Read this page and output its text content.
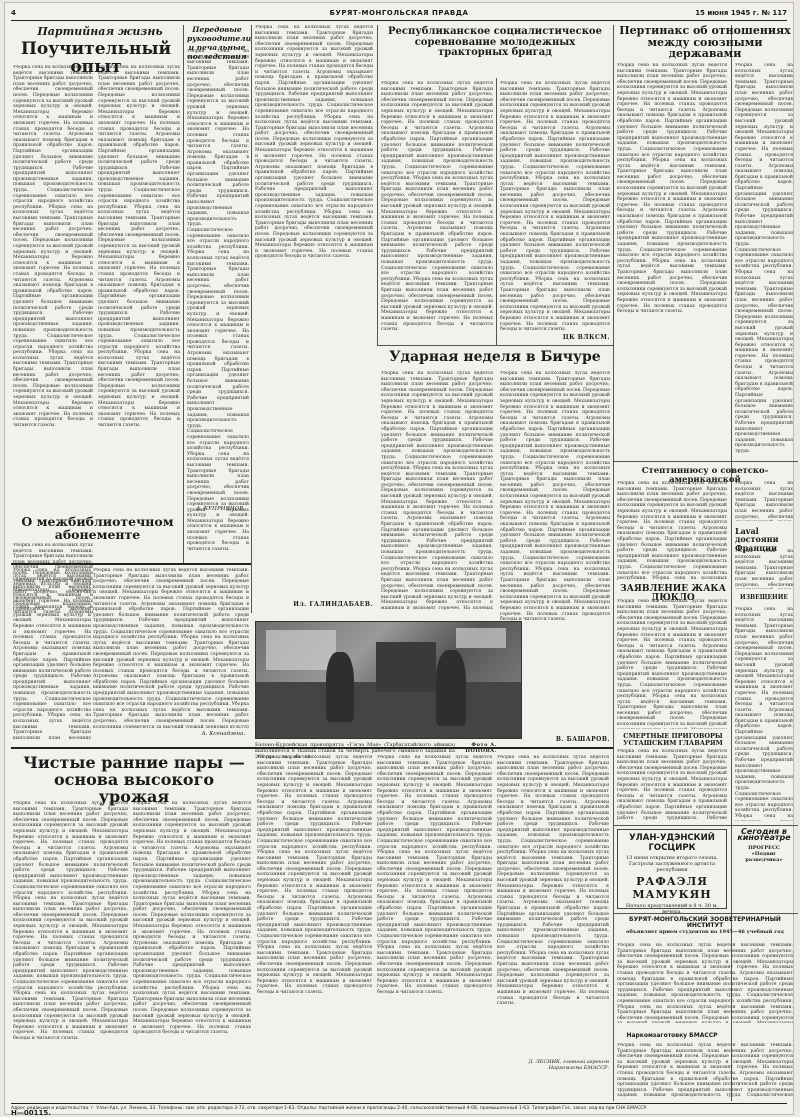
4	БУРЯТ-МОНГОЛЬСКАЯ ПРАВДА	15 июня 1945 г. № 117
Партийная жизнь
Поучительный опыт
Уборка сена на колхозных лугах ведётся высокими темпами. Тракторные бригады выполнили план весенних работ досрочно, обеспечив своевременный посев. Передовые колхозники соревнуются за высокий урожай зерновых культур и овощей. Механизаторы бережно относятся к машинам и экономят горючее. На полевых станах проводятся беседы и читаются газеты. Агрономы оказывают помощь бригадам в правильной обработке паров. Партийные организации уделяют большое внимание политической работе среди трудящихся. Рабочие предприятий выполняют производственные задания, повышая производительность труда. Социалистическое соревнование охватило все отрасли народного хозяйства республики. Уборка сена на колхозных лугах ведётся высокими темпами. Тракторные бригады выполнили план весенних работ досрочно, обеспечив своевременный посев. Передовые колхозники соревнуются за высокий урожай зерновых культур и овощей. Механизаторы бережно относятся к машинам и экономят горючее. На полевых станах проводятся беседы и читаются газеты. Агрономы оказывают помощь бригадам в правильной обработке паров. Партийные организации уделяют большое внимание политической работе среди трудящихся. Рабочие предприятий выполняют производственные задания, повышая производительность труда. Социалистическое соревнование охватило все отрасли народного хозяйства республики. Уборка сена на колхозных лугах ведётся высокими темпами. Тракторные бригады выполнили план весенних работ досрочно, обеспечив своевременный посев. Передовые колхозники соревнуются за высокий урожай зерновых культур и овощей. Механизаторы бережно относятся к машинам и экономят горючее. На полевых станах проводятся беседы и читаются газеты.
Уборка сена на колхозных лугах ведётся высокими темпами. Тракторные бригады выполнили план весенних работ досрочно, обеспечив своевременный посев. Передовые колхозники соревнуются за высокий урожай зерновых культур и овощей. Механизаторы бережно относятся к машинам и экономят горючее. На полевых станах проводятся беседы и читаются газеты. Агрономы оказывают помощь бригадам в правильной обработке паров. Партийные организации уделяют большое внимание политической работе среди трудящихся. Рабочие предприятий выполняют производственные задания, повышая производительность труда. Социалистическое соревнование охватило все отрасли народного хозяйства республики. Уборка сена на колхозных лугах ведётся высокими темпами. Тракторные бригады выполнили план весенних работ досрочно, обеспечив своевременный посев. Передовые колхозники соревнуются за высокий урожай зерновых культур и овощей. Механизаторы бережно относятся к машинам и экономят горючее. На полевых станах проводятся беседы и читаются газеты. Агрономы оказывают помощь бригадам в правильной обработке паров. Партийные организации уделяют большое внимание политической работе среди трудящихся. Рабочие предприятий выполняют производственные задания, повышая производительность труда. Социалистическое соревнование охватило все отрасли народного хозяйства республики. Уборка сена на колхозных лугах ведётся высокими темпами. Тракторные бригады выполнили план весенних работ досрочно, обеспечив своевременный посев. Передовые колхозники соревнуются за высокий урожай зерновых культур и овощей. Механизаторы бережно относятся к машинам и экономят горючее. На полевых станах проводятся беседы и читаются газеты.
А. КУПРИЯНОВ.
О межбиблиотечном абонементе
Уборка сена на колхозных лугах ведётся высокими темпами. Тракторные бригады выполнили план весенних работ досрочно, обеспечив своевременный посев. Передовые колхозники соревнуются за высокий урожай зерновых культур и овощей. Механизаторы бережно относятся к машинам и экономят горючее. На полевых станах проводятся беседы и читаются газеты. Агрономы оказывают помощь бригадам в правильной обработке паров. Партийные организации уделяют большое внимание политической работе среди трудящихся. Рабочие предприятий выполняют производственные задания, повышая производительность труда. Социалистическое соревнование охватило все отрасли народного хозяйства республики. Уборка сена на колхозных лугах ведётся высокими темпами. Тракторные бригады выполнили план весенних работ досрочно, обеспечив своевременный посев. Передовые колхозники соревнуются за высокий урожай зерновых культур и овощей. Механизаторы бережно относятся к машинам и экономят горючее. На полевых станах проводятся беседы и читаются газеты. Агрономы оказывают помощь бригадам в правильной обработке паров. Партийные организации уделяют большое внимание политической работе среди трудящихся. Рабочие предприятий выполняют производственные задания, повышая производительность труда. Социалистическое соревнование охватило все отрасли народного хозяйства республики. Уборка сена на колхозных лугах ведётся высокими темпами. Тракторные бригады выполнили план весенних работ досрочно, обеспечив своевременный посев. Передовые колхозники соревнуются за высокий урожай зерновых культур и овощей. Механизаторы бережно относятся к машинам и экономят горючее. На полевых станах проводятся беседы и читаются газеты.
Передовые руководители и печальные последствия
Уборка сена на колхозных лугах ведётся высокими темпами. Тракторные бригады выполнили план весенних работ досрочно, обеспечив своевременный посев. Передовые колхозники соревнуются за высокий урожай зерновых культур и овощей. Механизаторы бережно относятся к машинам и экономят горючее. На полевых станах проводятся беседы и читаются газеты. Агрономы оказывают помощь бригадам в правильной обработке паров. Партийные организации уделяют большое внимание политической работе среди трудящихся. Рабочие предприятий выполняют производственные задания, повышая производительность труда. Социалистическое соревнование охватило все отрасли народного хозяйства республики. Уборка сена на колхозных лугах ведётся высокими темпами. Тракторные бригады выполнили план весенних работ досрочно, обеспечив своевременный посев. Передовые колхозники соревнуются за высокий урожай зерновых культур и овощей. Механизаторы бережно относятся к машинам и экономят горючее. На полевых станах проводятся беседы и читаются газеты. Агрономы оказывают помощь бригадам в правильной обработке паров. Партийные организации уделяют большое внимание политической работе среди трудящихся. Рабочие предприятий выполняют производственные задания, повышая производительность труда. Социалистическое соревнование охватило все отрасли народного хозяйства республики. Уборка сена на колхозных лугах ведётся высокими темпами. Тракторные бригады выполнили план весенних работ досрочно, обеспечив своевременный посев. Передовые колхозники соревнуются за высокий урожай зерновых культур и овощей. Механизаторы бережно относятся к машинам и экономят горючее. На полевых станах проводятся беседы и читаются газеты.
Уборка сена на колхозных лугах ведётся высокими темпами. Тракторные бригады выполнили план весенних работ досрочно, обеспечив своевременный посев. Передовые колхозники соревнуются за высокий урожай зерновых культур и овощей. Механизаторы бережно относятся к машинам и экономят горючее. На полевых станах проводятся беседы и читаются газеты. Агрономы оказывают помощь бригадам в правильной обработке паров. Партийные организации уделяют большое внимание политической работе среди трудящихся. Рабочие предприятий выполняют производственные задания, повышая производительность труда. Социалистическое соревнование охватило все отрасли народного хозяйства республики. Уборка сена на колхозных лугах ведётся высокими темпами. Тракторные бригады выполнили план весенних работ досрочно, обеспечив своевременный посев. Передовые колхозники соревнуются за высокий урожай зерновых культур и овощей. Механизаторы бережно относятся к машинам и экономят горючее. На полевых станах проводятся беседы и читаются газеты. Агрономы оказывают помощь бригадам в правильной обработке паров. Партийные организации уделяют большое внимание политической работе среди трудящихся. Рабочие предприятий выполняют производственные задания, повышая производительность труда. Социалистическое соревнование охватило все отрасли народного хозяйства республики. Уборка сена на колхозных лугах ведётся высокими темпами. Тракторные бригады выполнили план весенних работ досрочно, обеспечив своевременный посев. Передовые колхозники соревнуются за высокий урожай зерновых культур и овощей. Механизаторы бережно относятся к машинам и экономят горючее. На полевых станах проводятся беседы и читаются газеты.
Ил. ГАЛИНДАБАЕВ.
Уборка сена на колхозных лугах ведётся высокими темпами. Тракторные бригады выполнили план весенних работ досрочно, обеспечив своевременный посев. Передовые колхозники соревнуются за высокий урожай зерновых культур и овощей. Механизаторы бережно относятся к машинам и экономят горючее. На полевых станах проводятся беседы и читаются газеты. Агрономы оказывают помощь бригадам в правильной обработке паров. Партийные организации уделяют большое внимание политической работе среди трудящихся. Рабочие предприятий выполняют производственные задания, повышая производительность труда. Социалистическое соревнование охватило все отрасли народного хозяйства республики. Уборка сена на колхозных лугах ведётся высокими темпами. Тракторные бригады выполнили план весенних работ досрочно, обеспечив своевременный посев. Передовые колхозники соревнуются за высокий урожай зерновых культур и овощей. Механизаторы бережно относятся к машинам и экономят горючее. На полевых станах проводятся беседы и читаются газеты. Агрономы оказывают помощь бригадам в правильной обработке паров. Партийные организации уделяют большое внимание политической работе среди трудящихся. Рабочие предприятий выполняют производственные задания, повышая производительность труда. Социалистическое соревнование охватило все отрасли народного хозяйства республики. Уборка сена на колхозных лугах ведётся высокими темпами. Тракторные бригады выполнили план весенних работ досрочно, обеспечив своевременный посев. Передовые колхозники соревнуются за высокий урожай зерновых культур и овощей. Механизаторы бережно относятся к машинам и экономят горючее. На полевых станах проводятся беседы и читаются газеты.
А. Ксенадзена.
Уборка сена на колхозных лугах ведётся высокими темпами. Тракторные бригады выполнили план весенних работ досрочно, обеспечив своевременный посев. Передовые колхозники соревнуются за высокий урожай зерновых культур и овощей. Механизаторы бережно относятся к машинам и экономят горючее. На полевых станах проводятся беседы и читаются газеты. Агрономы оказывают помощь бригадам в правильной обработке паров. Партийные организации уделяют большое внимание политической работе среди трудящихся. Рабочие предприятий выполняют производственные задания, повышая производительность труда. Социалистическое соревнование охватило все отрасли народного хозяйства республики. Уборка сена на колхозных лугах ведётся высокими темпами. Тракторные бригады выполнили план весенних работ досрочно, обеспечив своевременный посев. Передовые колхозники соревнуются за высокий урожай зерновых культур и овощей. Механизаторы бережно относятся к машинам и экономят горючее. На полевых станах проводятся беседы и читаются газеты. Агрономы оказывают помощь бригадам в правильной обработке паров. Партийные организации уделяют большое внимание политической работе среди трудящихся. Рабочие предприятий выполняют производственные задания, повышая производительность труда. Социалистическое соревнование охватило все отрасли народного хозяйства республики. Уборка сена на колхозных лугах ведётся высокими темпами. Тракторные бригады выполнили план весенних работ досрочно, обеспечив своевременный посев. Передовые колхозники соревнуются за высокий урожай зерновых культур и овощей. Механизаторы бережно относятся к машинам и экономят горючее. На полевых станах проводятся беседы и читаются газеты.
Республиканское социалистическое соревнование молодежных тракторных бригад
Уборка сена на колхозных лугах ведётся высокими темпами. Тракторные бригады выполнили план весенних работ досрочно, обеспечив своевременный посев. Передовые колхозники соревнуются за высокий урожай зерновых культур и овощей. Механизаторы бережно относятся к машинам и экономят горючее. На полевых станах проводятся беседы и читаются газеты. Агрономы оказывают помощь бригадам в правильной обработке паров. Партийные организации уделяют большое внимание политической работе среди трудящихся. Рабочие предприятий выполняют производственные задания, повышая производительность труда. Социалистическое соревнование охватило все отрасли народного хозяйства республики. Уборка сена на колхозных лугах ведётся высокими темпами. Тракторные бригады выполнили план весенних работ досрочно, обеспечив своевременный посев. Передовые колхозники соревнуются за высокий урожай зерновых культур и овощей. Механизаторы бережно относятся к машинам и экономят горючее. На полевых станах проводятся беседы и читаются газеты. Агрономы оказывают помощь бригадам в правильной обработке паров. Партийные организации уделяют большое внимание политической работе среди трудящихся. Рабочие предприятий выполняют производственные задания, повышая производительность труда. Социалистическое соревнование охватило все отрасли народного хозяйства республики. Уборка сена на колхозных лугах ведётся высокими темпами. Тракторные бригады выполнили план весенних работ досрочно, обеспечив своевременный посев. Передовые колхозники соревнуются за высокий урожай зерновых культур и овощей. Механизаторы бережно относятся к машинам и экономят горючее. На полевых станах проводятся беседы и читаются газеты.
Уборка сена на колхозных лугах ведётся высокими темпами. Тракторные бригады выполнили план весенних работ досрочно, обеспечив своевременный посев. Передовые колхозники соревнуются за высокий урожай зерновых культур и овощей. Механизаторы бережно относятся к машинам и экономят горючее. На полевых станах проводятся беседы и читаются газеты. Агрономы оказывают помощь бригадам в правильной обработке паров. Партийные организации уделяют большое внимание политической работе среди трудящихся. Рабочие предприятий выполняют производственные задания, повышая производительность труда. Социалистическое соревнование охватило все отрасли народного хозяйства республики. Уборка сена на колхозных лугах ведётся высокими темпами. Тракторные бригады выполнили план весенних работ досрочно, обеспечив своевременный посев. Передовые колхозники соревнуются за высокий урожай зерновых культур и овощей. Механизаторы бережно относятся к машинам и экономят горючее. На полевых станах проводятся беседы и читаются газеты. Агрономы оказывают помощь бригадам в правильной обработке паров. Партийные организации уделяют большое внимание политической работе среди трудящихся. Рабочие предприятий выполняют производственные задания, повышая производительность труда. Социалистическое соревнование охватило все отрасли народного хозяйства республики. Уборка сена на колхозных лугах ведётся высокими темпами. Тракторные бригады выполнили план весенних работ досрочно, обеспечив своевременный посев. Передовые колхозники соревнуются за высокий урожай зерновых культур и овощей. Механизаторы бережно относятся к машинам и экономят горючее. На полевых станах проводятся беседы и читаются газеты.
ЦК ВЛКСМ.
Ударная неделя в Бичуре
Уборка сена на колхозных лугах ведётся высокими темпами. Тракторные бригады выполнили план весенних работ досрочно, обеспечив своевременный посев. Передовые колхозники соревнуются за высокий урожай зерновых культур и овощей. Механизаторы бережно относятся к машинам и экономят горючее. На полевых станах проводятся беседы и читаются газеты. Агрономы оказывают помощь бригадам в правильной обработке паров. Партийные организации уделяют большое внимание политической работе среди трудящихся. Рабочие предприятий выполняют производственные задания, повышая производительность труда. Социалистическое соревнование охватило все отрасли народного хозяйства республики. Уборка сена на колхозных лугах ведётся высокими темпами. Тракторные бригады выполнили план весенних работ досрочно, обеспечив своевременный посев. Передовые колхозники соревнуются за высокий урожай зерновых культур и овощей. Механизаторы бережно относятся к машинам и экономят горючее. На полевых станах проводятся беседы и читаются газеты. Агрономы оказывают помощь бригадам в правильной обработке паров. Партийные организации уделяют большое внимание политической работе среди трудящихся. Рабочие предприятий выполняют производственные задания, повышая производительность труда. Социалистическое соревнование охватило все отрасли народного хозяйства республики. Уборка сена на колхозных лугах ведётся высокими темпами. Тракторные бригады выполнили план весенних работ досрочно, обеспечив своевременный посев. Передовые колхозники соревнуются за высокий урожай зерновых культур и овощей. Механизаторы бережно относятся к машинам и экономят горючее. На полевых станах проводятся беседы и читаются газеты.
Уборка сена на колхозных лугах ведётся высокими темпами. Тракторные бригады выполнили план весенних работ досрочно, обеспечив своевременный посев. Передовые колхозники соревнуются за высокий урожай зерновых культур и овощей. Механизаторы бережно относятся к машинам и экономят горючее. На полевых станах проводятся беседы и читаются газеты. Агрономы оказывают помощь бригадам в правильной обработке паров. Партийные организации уделяют большое внимание политической работе среди трудящихся. Рабочие предприятий выполняют производственные задания, повышая производительность труда. Социалистическое соревнование охватило все отрасли народного хозяйства республики. Уборка сена на колхозных лугах ведётся высокими темпами. Тракторные бригады выполнили план весенних работ досрочно, обеспечив своевременный посев. Передовые колхозники соревнуются за высокий урожай зерновых культур и овощей. Механизаторы бережно относятся к машинам и экономят горючее. На полевых станах проводятся беседы и читаются газеты. Агрономы оказывают помощь бригадам в правильной обработке паров. Партийные организации уделяют большое внимание политической работе среди трудящихся. Рабочие предприятий выполняют производственные задания, повышая производительность труда. Социалистическое соревнование охватило все отрасли народного хозяйства республики. Уборка сена на колхозных лугах ведётся высокими темпами. Тракторные бригады выполнили план весенних работ досрочно, обеспечив своевременный посев. Передовые колхозники соревнуются за высокий урожай зерновых культур и овощей. Механизаторы бережно относятся к машинам и экономят горючее. На полевых станах проводятся беседы и читаются газеты.
В. БАШАРОВ.
Бэлоно-Курлейская прокопрягта «Гэгээ Мая» (Тарбагатайского аймака) выполняется 8 тканых ставок за четверть рабочего сменного задания на 260 проц. за работой.
Фото А. ПОПОВА.
Чистые ранние пары — основа высокого урожая
Уборка сена на колхозных лугах ведётся высокими темпами. Тракторные бригады выполнили план весенних работ досрочно, обеспечив своевременный посев. Передовые колхозники соревнуются за высокий урожай зерновых культур и овощей. Механизаторы бережно относятся к машинам и экономят горючее. На полевых станах проводятся беседы и читаются газеты. Агрономы оказывают помощь бригадам в правильной обработке паров. Партийные организации уделяют большое внимание политической работе среди трудящихся. Рабочие предприятий выполняют производственные задания, повышая производительность труда. Социалистическое соревнование охватило все отрасли народного хозяйства республики. Уборка сена на колхозных лугах ведётся высокими темпами. Тракторные бригады выполнили план весенних работ досрочно, обеспечив своевременный посев. Передовые колхозники соревнуются за высокий урожай зерновых культур и овощей. Механизаторы бережно относятся к машинам и экономят горючее. На полевых станах проводятся беседы и читаются газеты. Агрономы оказывают помощь бригадам в правильной обработке паров. Партийные организации уделяют большое внимание политической работе среди трудящихся. Рабочие предприятий выполняют производственные задания, повышая производительность труда. Социалистическое соревнование охватило все отрасли народного хозяйства республики. Уборка сена на колхозных лугах ведётся высокими темпами. Тракторные бригады выполнили план весенних работ досрочно, обеспечив своевременный посев. Передовые колхозники соревнуются за высокий урожай зерновых культур и овощей. Механизаторы бережно относятся к машинам и экономят горючее. На полевых станах проводятся беседы и читаются газеты.
Уборка сена на колхозных лугах ведётся высокими темпами. Тракторные бригады выполнили план весенних работ досрочно, обеспечив своевременный посев. Передовые колхозники соревнуются за высокий урожай зерновых культур и овощей. Механизаторы бережно относятся к машинам и экономят горючее. На полевых станах проводятся беседы и читаются газеты. Агрономы оказывают помощь бригадам в правильной обработке паров. Партийные организации уделяют большое внимание политической работе среди трудящихся. Рабочие предприятий выполняют производственные задания, повышая производительность труда. Социалистическое соревнование охватило все отрасли народного хозяйства республики. Уборка сена на колхозных лугах ведётся высокими темпами. Тракторные бригады выполнили план весенних работ досрочно, обеспечив своевременный посев. Передовые колхозники соревнуются за высокий урожай зерновых культур и овощей. Механизаторы бережно относятся к машинам и экономят горючее. На полевых станах проводятся беседы и читаются газеты. Агрономы оказывают помощь бригадам в правильной обработке паров. Партийные организации уделяют большое внимание политической работе среди трудящихся. Рабочие предприятий выполняют производственные задания, повышая производительность труда. Социалистическое соревнование охватило все отрасли народного хозяйства республики. Уборка сена на колхозных лугах ведётся высокими темпами. Тракторные бригады выполнили план весенних работ досрочно, обеспечив своевременный посев. Передовые колхозники соревнуются за высокий урожай зерновых культур и овощей. Механизаторы бережно относятся к машинам и экономят горючее. На полевых станах проводятся беседы и читаются газеты.
Уборка сена на колхозных лугах ведётся высокими темпами. Тракторные бригады выполнили план весенних работ досрочно, обеспечив своевременный посев. Передовые колхозники соревнуются за высокий урожай зерновых культур и овощей. Механизаторы бережно относятся к машинам и экономят горючее. На полевых станах проводятся беседы и читаются газеты. Агрономы оказывают помощь бригадам в правильной обработке паров. Партийные организации уделяют большое внимание политической работе среди трудящихся. Рабочие предприятий выполняют производственные задания, повышая производительность труда. Социалистическое соревнование охватило все отрасли народного хозяйства республики. Уборка сена на колхозных лугах ведётся высокими темпами. Тракторные бригады выполнили план весенних работ досрочно, обеспечив своевременный посев. Передовые колхозники соревнуются за высокий урожай зерновых культур и овощей. Механизаторы бережно относятся к машинам и экономят горючее. На полевых станах проводятся беседы и читаются газеты. Агрономы оказывают помощь бригадам в правильной обработке паров. Партийные организации уделяют большое внимание политической работе среди трудящихся. Рабочие предприятий выполняют производственные задания, повышая производительность труда. Социалистическое соревнование охватило все отрасли народного хозяйства республики. Уборка сена на колхозных лугах ведётся высокими темпами. Тракторные бригады выполнили план весенних работ досрочно, обеспечив своевременный посев. Передовые колхозники соревнуются за высокий урожай зерновых культур и овощей. Механизаторы бережно относятся к машинам и экономят горючее. На полевых станах проводятся беседы и читаются газеты.
Уборка сена на колхозных лугах ведётся высокими темпами. Тракторные бригады выполнили план весенних работ досрочно, обеспечив своевременный посев. Передовые колхозники соревнуются за высокий урожай зерновых культур и овощей. Механизаторы бережно относятся к машинам и экономят горючее. На полевых станах проводятся беседы и читаются газеты. Агрономы оказывают помощь бригадам в правильной обработке паров. Партийные организации уделяют большое внимание политической работе среди трудящихся. Рабочие предприятий выполняют производственные задания, повышая производительность труда. Социалистическое соревнование охватило все отрасли народного хозяйства республики. Уборка сена на колхозных лугах ведётся высокими темпами. Тракторные бригады выполнили план весенних работ досрочно, обеспечив своевременный посев. Передовые колхозники соревнуются за высокий урожай зерновых культур и овощей. Механизаторы бережно относятся к машинам и экономят горючее. На полевых станах проводятся беседы и читаются газеты. Агрономы оказывают помощь бригадам в правильной обработке паров. Партийные организации уделяют большое внимание политической работе среди трудящихся. Рабочие предприятий выполняют производственные задания, повышая производительность труда. Социалистическое соревнование охватило все отрасли народного хозяйства республики. Уборка сена на колхозных лугах ведётся высокими темпами. Тракторные бригады выполнили план весенних работ досрочно, обеспечив своевременный посев. Передовые колхозники соревнуются за высокий урожай зерновых культур и овощей. Механизаторы бережно относятся к машинам и экономят горючее. На полевых станах проводятся беседы и читаются газеты.
Уборка сена на колхозных лугах ведётся высокими темпами. Тракторные бригады выполнили план весенних работ досрочно, обеспечив своевременный посев. Передовые колхозники соревнуются за высокий урожай зерновых культур и овощей. Механизаторы бережно относятся к машинам и экономят горючее. На полевых станах проводятся беседы и читаются газеты. Агрономы оказывают помощь бригадам в правильной обработке паров. Партийные организации уделяют большое внимание политической работе среди трудящихся. Рабочие предприятий выполняют производственные задания, повышая производительность труда. Социалистическое соревнование охватило все отрасли народного хозяйства республики. Уборка сена на колхозных лугах ведётся высокими темпами. Тракторные бригады выполнили план весенних работ досрочно, обеспечив своевременный посев. Передовые колхозники соревнуются за высокий урожай зерновых культур и овощей. Механизаторы бережно относятся к машинам и экономят горючее. На полевых станах проводятся беседы и читаются газеты. Агрономы оказывают помощь бригадам в правильной обработке паров. Партийные организации уделяют большое внимание политической работе среди трудящихся. Рабочие предприятий выполняют производственные задания, повышая производительность труда. Социалистическое соревнование охватило все отрасли народного хозяйства республики. Уборка сена на колхозных лугах ведётся высокими темпами. Тракторные бригады выполнили план весенних работ досрочно, обеспечив своевременный посев. Передовые колхозники соревнуются за высокий урожай зерновых культур и овощей. Механизаторы бережно относятся к машинам и экономят горючее. На полевых станах проводятся беседы и читаются газеты.
Д. ЛЕСНИК, главный агроном Наркомзема БМАССР.
Пертинакс об отношениях между союзными державами
Уборка сена на колхозных лугах ведётся высокими темпами. Тракторные бригады выполнили план весенних работ досрочно, обеспечив своевременный посев. Передовые колхозники соревнуются за высокий урожай зерновых культур и овощей. Механизаторы бережно относятся к машинам и экономят горючее. На полевых станах проводятся беседы и читаются газеты. Агрономы оказывают помощь бригадам в правильной обработке паров. Партийные организации уделяют большое внимание политической работе среди трудящихся. Рабочие предприятий выполняют производственные задания, повышая производительность труда. Социалистическое соревнование охватило все отрасли народного хозяйства республики. Уборка сена на колхозных лугах ведётся высокими темпами. Тракторные бригады выполнили план весенних работ досрочно, обеспечив своевременный посев. Передовые колхозники соревнуются за высокий урожай зерновых культур и овощей. Механизаторы бережно относятся к машинам и экономят горючее. На полевых станах проводятся беседы и читаются газеты. Агрономы оказывают помощь бригадам в правильной обработке паров. Партийные организации уделяют большое внимание политической работе среди трудящихся. Рабочие предприятий выполняют производственные задания, повышая производительность труда. Социалистическое соревнование охватило все отрасли народного хозяйства республики. Уборка сена на колхозных лугах ведётся высокими темпами. Тракторные бригады выполнили план весенних работ досрочно, обеспечив своевременный посев. Передовые колхозники соревнуются за высокий урожай зерновых культур и овощей. Механизаторы бережно относятся к машинам и экономят горючее. На полевых станах проводятся беседы и читаются газеты.
Уборка сена на колхозных лугах ведётся высокими темпами. Тракторные бригады выполнили план весенних работ досрочно, обеспечив своевременный посев. Передовые колхозники соревнуются за высокий урожай зерновых культур и овощей. Механизаторы бережно относятся к машинам и экономят горючее. На полевых станах проводятся беседы и читаются газеты. Агрономы оказывают помощь бригадам в правильной обработке паров. Партийные организации уделяют большое внимание политической работе среди трудящихся. Рабочие предприятий выполняют производственные задания, повышая производительность труда. Социалистическое соревнование охватило все отрасли народного хозяйства республики. Уборка сена на колхозных лугах ведётся высокими темпами. Тракторные бригады выполнили план весенних работ досрочно, обеспечив своевременный посев. Передовые колхозники соревнуются за высокий урожай зерновых культур и овощей. Механизаторы бережно относятся к машинам и экономят горючее. На полевых станах проводятся беседы и читаются газеты. Агрономы оказывают помощь бригадам в правильной обработке паров. Партийные организации уделяют большое внимание политической работе среди трудящихся. Рабочие предприятий выполняют производственные задания, повышая производительность труда. Социалистическое соревнование охватило все отрасли народного хозяйства республики. Уборка сена на колхозных лугах ведётся высокими темпами. Тракторные бригады выполнили план весенних работ досрочно, обеспечив своевременный посев. Передовые колхозники соревнуются за высокий урожай зерновых культур и овощей. Механизаторы бережно относятся к машинам и экономят горючее. На полевых станах проводятся беседы и читаются газеты.
Стептиннюсу о советско-американской
Уборка сена на колхозных лугах ведётся высокими темпами. Тракторные бригады выполнили план весенних работ досрочно, обеспечив своевременный посев. Передовые колхозники соревнуются за высокий урожай зерновых культур и овощей. Механизаторы бережно относятся к машинам и экономят горючее. На полевых станах проводятся беседы и читаются газеты. Агрономы оказывают помощь бригадам в правильной обработке паров. Партийные организации уделяют большое внимание политической работе среди трудящихся. Рабочие предприятий выполняют производственные задания, повышая производительность труда. Социалистическое соревнование охватило все отрасли народного хозяйства республики. Уборка сена на колхозных лугах ведётся высокими темпами. Тракторные бригады выполнили план весенних работ досрочно, обеспечив своевременный посев. Передовые колхозники соревнуются за высокий урожай зерновых культур и овощей. Механизаторы бережно относятся к машинам и экономят горючее. На полевых станах проводятся беседы и читаются газеты. Агрономы оказывают помощь бригадам в правильной обработке паров. Партийные организации уделяют большое внимание политической работе среди трудящихся. Рабочие предприятий выполняют производственные задания, повышая производительность труда. Социалистическое соревнование охватило все отрасли народного хозяйства республики. Уборка сена на колхозных лугах ведётся высокими темпами. Тракторные бригады выполнили план весенних работ досрочно, обеспечив своевременный посев. Передовые колхозники соревнуются за высокий урожай зерновых культур и овощей. Механизаторы бережно относятся к машинам и экономят горючее. На полевых станах проводятся беседы и читаются газеты.
Уборка сена на колхозных лугах ведётся высокими темпами. Тракторные бригады выполнили план весенних работ досрочно, обеспечив своевременный посев. Передовые колхозники соревнуются за высокий урожай зерновых культур и овощей. Механизаторы бережно относятся к машинам и экономят горючее. На полевых станах проводятся беседы и читаются газеты. Агрономы оказывают помощь бригадам в правильной обработке паров. Партийные организации уделяют большое внимание политической работе среди трудящихся. Рабочие предприятий выполняют производственные задания, повышая производительность труда. Социалистическое соревнование охватило все отрасли народного хозяйства республики. Уборка сена на колхозных лугах ведётся высокими темпами. Тракторные бригады выполнили план весенних работ досрочно, обеспечив своевременный посев. Передовые колхозники соревнуются за высокий урожай зерновых культур и овощей. Механизаторы бережно относятся к машинам и экономят горючее. На полевых станах проводятся беседы и читаются газеты. Агрономы оказывают помощь бригадам в правильной обработке паров. Партийные организации уделяют большое внимание политической работе среди трудящихся. Рабочие предприятий выполняют производственные задания, повышая производительность труда. Социалистическое соревнование охватило все отрасли народного хозяйства республики. Уборка сена на колхозных лугах ведётся высокими темпами. Тракторные бригады выполнили план весенних работ досрочно, обеспечив своевременный посев. Передовые колхозники соревнуются за высокий урожай зерновых культур и овощей. Механизаторы бережно относятся к машинам и экономят горючее. На полевых станах проводятся беседы и читаются газеты.
ЗАЯВЛЕНИЕ ЖАКА ДЮКЛО
Уборка сена на колхозных лугах ведётся высокими темпами. Тракторные бригады выполнили план весенних работ досрочно, обеспечив своевременный посев. Передовые колхозники соревнуются за высокий урожай зерновых культур и овощей. Механизаторы бережно относятся к машинам и экономят горючее. На полевых станах проводятся беседы и читаются газеты. Агрономы оказывают помощь бригадам в правильной обработке паров. Партийные организации уделяют большое внимание политической работе среди трудящихся. Рабочие предприятий выполняют производственные задания, повышая производительность труда. Социалистическое соревнование охватило все отрасли народного хозяйства республики. Уборка сена на колхозных лугах ведётся высокими темпами. Тракторные бригады выполнили план весенних работ досрочно, обеспечив своевременный посев. Передовые колхозники соревнуются за высокий урожай зерновых культур и овощей. Механизаторы бережно относятся к машинам и экономят горючее. На полевых станах проводятся беседы и читаются газеты. Агрономы оказывают помощь бригадам в правильной обработке паров. Партийные организации уделяют большое внимание политической работе среди трудящихся. Рабочие предприятий выполняют производственные задания, повышая производительность труда. Социалистическое соревнование охватило все отрасли народного хозяйства республики. Уборка сена на колхозных лугах ведётся высокими темпами. Тракторные бригады выполнили план весенних работ досрочно, обеспечив своевременный посев. Передовые колхозники соревнуются за высокий урожай зерновых культур и овощей. Механизаторы бережно относятся к машинам и экономят горючее. На полевых станах проводятся беседы и читаются газеты.
СМЕРТНЫЕ ПРИГОВОРЫ УСТАШСКИМ ГЛАВАРЯМ
Уборка сена на колхозных лугах ведётся высокими темпами. Тракторные бригады выполнили план весенних работ досрочно, обеспечив своевременный посев. Передовые колхозники соревнуются за высокий урожай зерновых культур и овощей. Механизаторы бережно относятся к машинам и экономят горючее. На полевых станах проводятся беседы и читаются газеты. Агрономы оказывают помощь бригадам в правильной обработке паров. Партийные организации уделяют большое внимание политической работе среди трудящихся. Рабочие предприятий выполняют производственные задания, повышая производительность труда. Социалистическое соревнование охватило все отрасли народного хозяйства республики. Уборка сена на колхозных лугах ведётся высокими темпами. Тракторные бригады выполнили план весенних работ досрочно, обеспечив своевременный посев. Передовые колхозники соревнуются за высокий урожай зерновых культур и овощей. Механизаторы бережно относятся к машинам и экономят горючее. На полевых станах проводятся беседы и читаются газеты. Агрономы оказывают помощь бригадам в правильной обработке паров. Партийные организации уделяют большое внимание политической работе среди трудящихся. Рабочие предприятий выполняют производственные задания, повышая производительность труда. Социалистическое соревнование охватило все отрасли народного хозяйства республики. Уборка сена на колхозных лугах ведётся высокими темпами. Тракторные бригады выполнили план весенних работ досрочно, обеспечив своевременный посев. Передовые колхозники соревнуются за высокий урожай зерновых культур и овощей. Механизаторы бережно относятся к машинам и экономят горючее. На полевых станах проводятся беседы и читаются газеты.
Laval достояни Франции
Уборка сена на колхозных лугах ведётся высокими темпами. Тракторные бригады выполнили план весенних работ досрочно, обеспечив своевременный посев. Передовые колхозники соревнуются за высокий урожай зерновых культур и овощей. Механизаторы бережно относятся к машинам и экономят горючее. На полевых станах проводятся беседы и читаются газеты. Агрономы оказывают помощь бригадам в правильной обработке паров. Партийные организации уделяют большое внимание политической работе среди трудящихся. Рабочие предприятий выполняют производственные задания, повышая производительность труда. Социалистическое соревнование охватило все отрасли народного хозяйства республики. Уборка сена на колхозных лугах ведётся высокими темпами. Тракторные бригады выполнили план весенних работ досрочно, обеспечив своевременный посев. Передовые колхозники соревнуются за высокий урожай зерновых культур и овощей. Механизаторы бережно относятся к машинам и экономят горючее. На полевых станах проводятся беседы и читаются газеты. Агрономы оказывают помощь бригадам в правильной обработке паров. Партийные организации уделяют большое внимание политической работе среди трудящихся. Рабочие предприятий выполняют производственные задания, повышая производительность труда. Социалистическое соревнование охватило все отрасли народного хозяйства республики. Уборка сена на колхозных лугах ведётся высокими темпами. Тракторные бригады выполнили план весенних работ досрочно, обеспечив своевременный посев. Передовые колхозники соревнуются за высокий урожай зерновых культур и овощей. Механизаторы бережно относятся к машинам и экономят горючее. На полевых станах проводятся беседы и читаются газеты.
ИЗВЕЩЕНИЕ
Уборка сена на колхозных лугах ведётся высокими темпами. Тракторные бригады выполнили план весенних работ досрочно, обеспечив своевременный посев. Передовые колхозники соревнуются за высокий урожай зерновых культур и овощей. Механизаторы бережно относятся к машинам и экономят горючее. На полевых станах проводятся беседы и читаются газеты. Агрономы оказывают помощь бригадам в правильной обработке паров. Партийные организации уделяют большое внимание политической работе среди трудящихся. Рабочие предприятий выполняют производственные задания, повышая производительность труда. Социалистическое соревнование охватило все отрасли народного хозяйства республики. Уборка сена на колхозных лугах ведётся высокими темпами. Тракторные бригады выполнили план весенних работ досрочно, обеспечив своевременный посев. Передовые колхозники соревнуются за высокий урожай зерновых культур и овощей. Механизаторы бережно относятся к машинам и экономят горючее. На полевых станах проводятся беседы и читаются газеты. Агрономы оказывают помощь бригадам в правильной обработке паров. Партийные организации уделяют большое внимание политической работе среди трудящихся. Рабочие предприятий выполняют производственные задания, повышая производительность труда. Социалистическое соревнование охватило все отрасли народного хозяйства республики. Уборка сена на колхозных лугах ведётся высокими темпами. Тракторные бригады выполнили план весенних работ досрочно, обеспечив своевременный посев. Передовые колхозники соревнуются за высокий урожай зерновых культур и овощей. Механизаторы бережно относятся к машинам и экономят горючее. На полевых станах проводятся беседы и читаются газеты.
УЛАН-УДЭНСКИЙ ГОСЦИРК
13 июня открытие второго сезона. Гастроли заслуженного артиста республики
РАФАЭЛЯ МАМУКЯН
Начало представлений в 8 ч. 30 м. вечера.
Сегодня в кинотеатре
ПРОГРЕСС «Подвиг разведчика»
БУРЯТ-МОНГОЛЬСКИЙ ЗООВЕТЕРИНАРНЫЙ ИНСТИТУТ
объявляет прием студентов на 1945—46 учебный год
Уборка сена на колхозных лугах ведётся высокими темпами. Тракторные бригады выполнили план весенних работ досрочно, обеспечив своевременный посев. Передовые колхозники соревнуются за высокий урожай зерновых культур и овощей. Механизаторы бережно относятся к машинам и экономят горючее. На полевых станах проводятся беседы и читаются газеты. Агрономы оказывают помощь бригадам в правильной обработке паров. Партийные организации уделяют большое внимание политической работе среди трудящихся. Рабочие предприятий выполняют производственные задания, повышая производительность труда. Социалистическое соревнование охватило все отрасли народного хозяйства республики. Уборка сена на колхозных лугах ведётся высокими темпами. Тракторные бригады выполнили план весенних работ досрочно, обеспечив своевременный посев. Передовые колхозники соревнуются за высокий урожай зерновых культур и овощей. Механизаторы бережно относятся к машинам и экономят горючее. На полевых станах проводятся беседы и читаются газеты. Агрономы оказывают помощь бригадам в правильной обработке паров. Партийные организации уделяют большое внимание политической работе среди трудящихся. Рабочие предприятий выполняют производственные задания, повышая производительность труда. Социалистическое соревнование охватило все отрасли народного хозяйства республики. Уборка сена на колхозных лугах ведётся высокими темпами. Тракторные бригады выполнили план весенних работ досрочно, обеспечив своевременный посев. Передовые колхозники соревнуются за высокий урожай зерновых культур и овощей. Механизаторы бережно относятся к машинам и экономят горючее. На полевых станах проводятся беседы и читаются газеты.
Наркомзаготовку БМАССР
Уборка сена на колхозных лугах ведётся высокими темпами. Тракторные бригады выполнили план весенних работ досрочно, обеспечив своевременный посев. Передовые колхозники соревнуются за высокий урожай зерновых культур и овощей. Механизаторы бережно относятся к машинам и экономят горючее. На полевых станах проводятся беседы и читаются газеты. Агрономы оказывают помощь бригадам в правильной обработке паров. Партийные организации уделяют большое внимание политической работе среди трудящихся. Рабочие предприятий выполняют производственные задания, повышая производительность труда. Социалистическое соревнование охватило все отрасли народного хозяйства республики. Уборка сена на колхозных лугах ведётся высокими темпами. Тракторные бригады выполнили план весенних работ досрочно, обеспечив своевременный посев. Передовые колхозники соревнуются за высокий урожай зерновых культур и овощей. Механизаторы бережно относятся к машинам и экономят горючее. На полевых станах проводятся беседы и читаются газеты. Агрономы оказывают помощь бригадам в правильной обработке паров. Партийные организации уделяют большое внимание политической работе среди трудящихся. Рабочие предприятий выполняют производственные задания, повышая производительность труда. Социалистическое соревнование охватило все отрасли народного хозяйства республики. Уборка сена на колхозных лугах ведётся высокими темпами. Тракторные бригады выполнили план весенних работ досрочно, обеспечив своевременный посев. Передовые колхозники соревнуются за высокий урожай зерновых культур и овощей. Механизаторы бережно относятся к машинам и экономят горючее. На полевых станах проводятся беседы и читаются газеты.
Адрес редакции и издательства: г. Улан-Удэ, ул. Ленина, 33. Телефоны: зам. отв. редактора 3-72, отв. секретаря 1-63. Отделы: партийной жизни и пропаганды 2-40, сельскохозяйственный 4-08, промышленный 1-63. Типография Гос. заказ. изд-ва при СНК БМАССР.
Н—00115.
